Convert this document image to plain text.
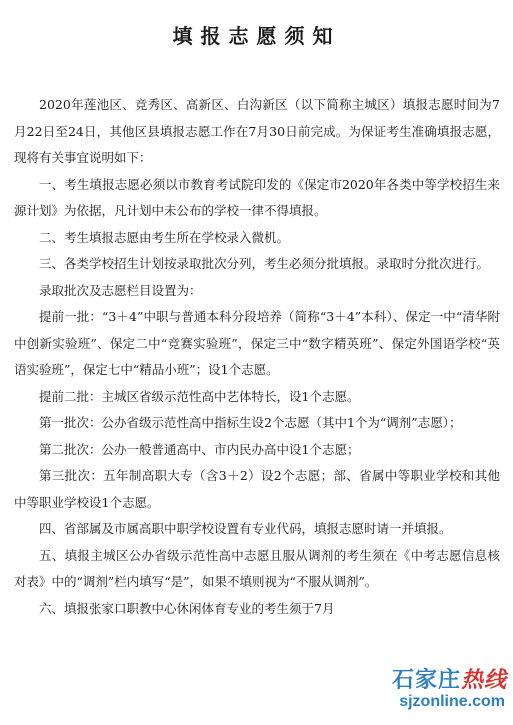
填报志愿须知

2020年莲池区、竞秀区、高新区、白沟新区（以下简称主城区）填报志愿时间为7月22日至24日，其他区县填报志愿工作在7月30日前完成。为保证考生准确填报志愿，现将有关事宜说明如下：

一、考生填报志愿必须以市教育考试院印发的《保定市2020年各类中等学校招生来源计划》为依据，凡计划中未公布的学校一律不得填报。

二、考生填报志愿由考生所在学校录入微机。

三、各类学校招生计划按录取批次分列，考生必须分批填报。录取时分批次进行。

录取批次及志愿栏目设置为：

提前一批：“3＋4”中职与普通本科分段培养（简称“3＋4”本科）、保定一中“清华附中创新实验班”、保定二中“竞赛实验班”，保定三中“数字精英班”、保定外国语学校“英语实验班”，保定七中“精品小班”；设1个志愿。

提前二批：主城区省级示范性高中艺体特长，设1个志愿。

第一批次：公办省级示范性高中指标生设2个志愿（其中1个为“调剂”志愿）；

第二批次：公办一般普通高中、市内民办高中设1个志愿；

第三批次：五年制高职大专（含3＋2）设2个志愿；部、省属中等职业学校和其他中等职业学校设1个志愿。

四、省部属及市属高职中职学校设置有专业代码，填报志愿时请一并填报。

五、填报主城区公办省级示范性高中志愿且服从调剂的考生须在《中考志愿信息核对表》中的“调剂”栏内填写“是”，如果不填则视为“不服从调剂”。

六、填报张家口职教中心休闲体育专业的考生须于7月

石家庄热线
sjzonline.com
